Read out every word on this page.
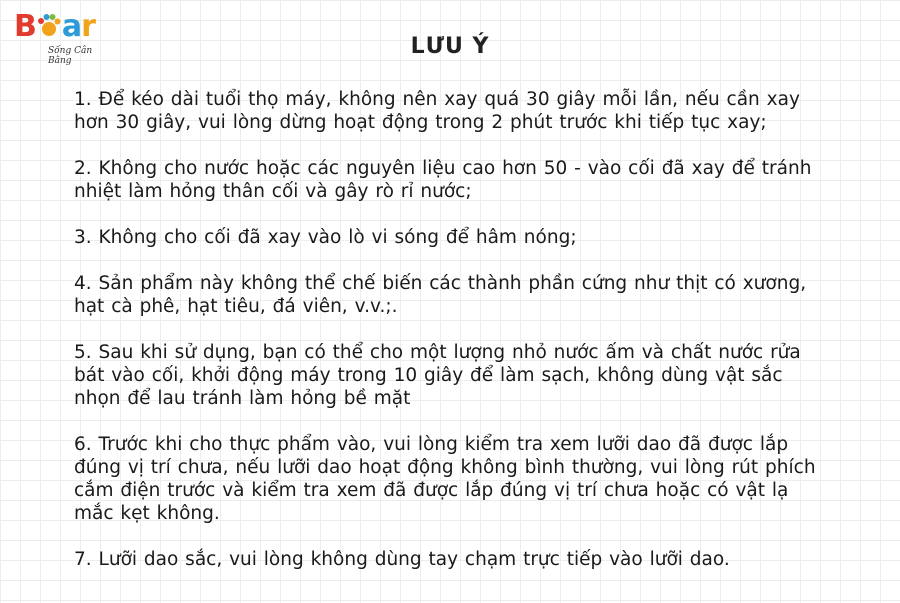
B ar
Sống Cân Bằng
LƯU Ý

1. Để kéo dài tuổi thọ máy, không nên xay quá 30 giây mỗi lần, nếu cần xay hơn 30 giây, vui lòng dừng hoạt động trong 2 phút trước khi tiếp tục xay;

2. Không cho nước hoặc các nguyên liệu cao hơn 50 - vào cối đã xay để tránh nhiệt làm hỏng thân cối và gây rò rỉ nước;

3. Không cho cối đã xay vào lò vi sóng để hâm nóng;

4. Sản phẩm này không thể chế biến các thành phần cứng như thịt có xương, hạt cà phê, hạt tiêu, đá viên, v.v.;.

5. Sau khi sử dụng, bạn có thể cho một lượng nhỏ nước ấm và chất nước rửa bát vào cối, khởi động máy trong 10 giây để làm sạch, không dùng vật sắc nhọn để lau tránh làm hỏng bề mặt

6. Trước khi cho thực phẩm vào, vui lòng kiểm tra xem lưỡi dao đã được lắp đúng vị trí chưa, nếu lưỡi dao hoạt động không bình thường, vui lòng rút phích cắm điện trước và kiểm tra xem đã được lắp đúng vị trí chưa hoặc có vật lạ mắc kẹt không.

7. Lưỡi dao sắc, vui lòng không dùng tay chạm trực tiếp vào lưỡi dao.
